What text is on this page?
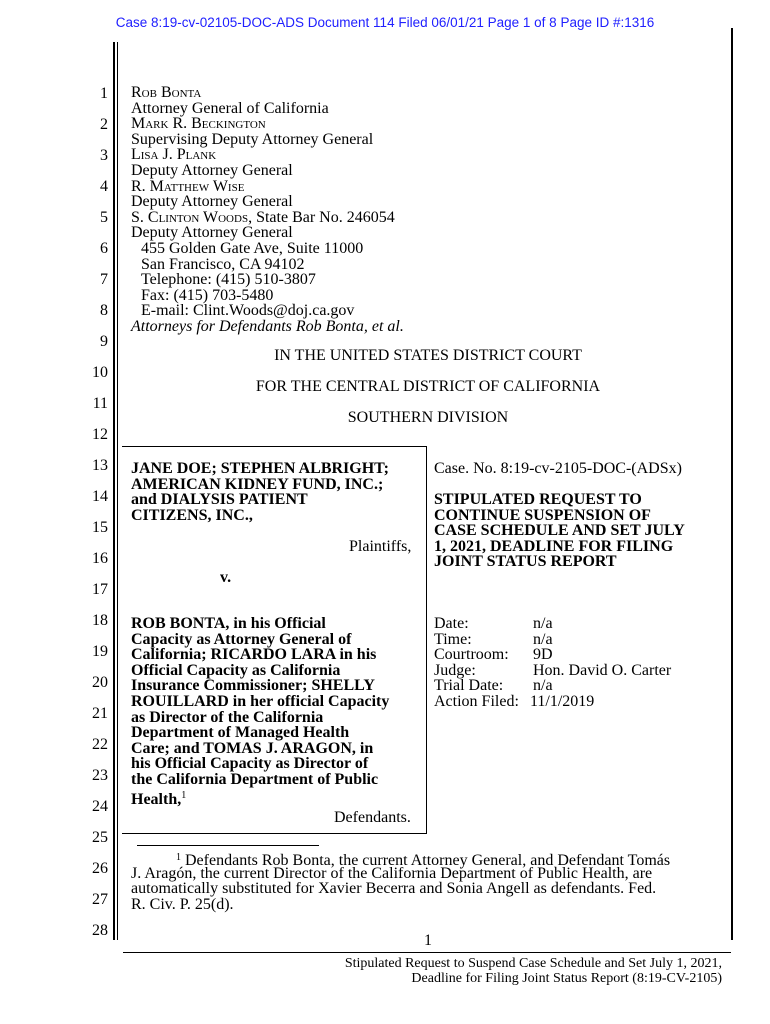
Case 8:19-cv-02105-DOC-ADS Document 114 Filed 06/01/21 Page 1 of 8 Page ID #:1316
1
2
3
4
5
6
7
8
9
10
11
12
13
14
15
16
17
18
19
20
21
22
23
24
25
26
27
28
Rob Bonta
Attorney General of California
Mark R. Beckington
Supervising Deputy Attorney General
Lisa J. Plank
Deputy Attorney General
R. Matthew Wise
Deputy Attorney General
S. Clinton Woods, State Bar No. 246054
Deputy Attorney General
455 Golden Gate Ave, Suite 11000
San Francisco, CA 94102
Telephone: (415) 510-3807
Fax: (415) 703-5480
E-mail: Clint.Woods@doj.ca.gov
Attorneys for Defendants Rob Bonta, et al.
IN THE UNITED STATES DISTRICT COURT
FOR THE CENTRAL DISTRICT OF CALIFORNIA
SOUTHERN DIVISION
JANE DOE; STEPHEN ALBRIGHT;
AMERICAN KIDNEY FUND, INC.;
and DIALYSIS PATIENT
CITIZENS, INC.,
Plaintiffs,
v.
ROB BONTA, in his Official
Capacity as Attorney General of
California; RICARDO LARA in his
Official Capacity as California
Insurance Commissioner; SHELLY
ROUILLARD in her official Capacity
as Director of the California
Department of Managed Health
Care; and TOMAS J. ARAGON, in
his Official Capacity as Director of
the California Department of Public
Health,$^1$
Defendants.
Case. No. 8:19-cv-2105-DOC-(ADSx)
STIPULATED REQUEST TO
CONTINUE SUSPENSION OF
CASE SCHEDULE AND SET JULY
1, 2021, DEADLINE FOR FILING
JOINT STATUS REPORT
Date:	n/a
Time:	n/a
Courtroom: 9D
Judge:	Hon. David O. Carter
Trial Date: n/a
Action Filed: 11/1/2019
$^1$ Defendants Rob Bonta, the current Attorney General, and Defendant Tomás
J. Aragón, the current Director of the California Department of Public Health, are
automatically substituted for Xavier Becerra and Sonia Angell as defendants. Fed.
R. Civ. P. 25(d).
1
Stipulated Request to Suspend Case Schedule and Set July 1, 2021,
Deadline for Filing Joint Status Report (8:19-CV-2105)
